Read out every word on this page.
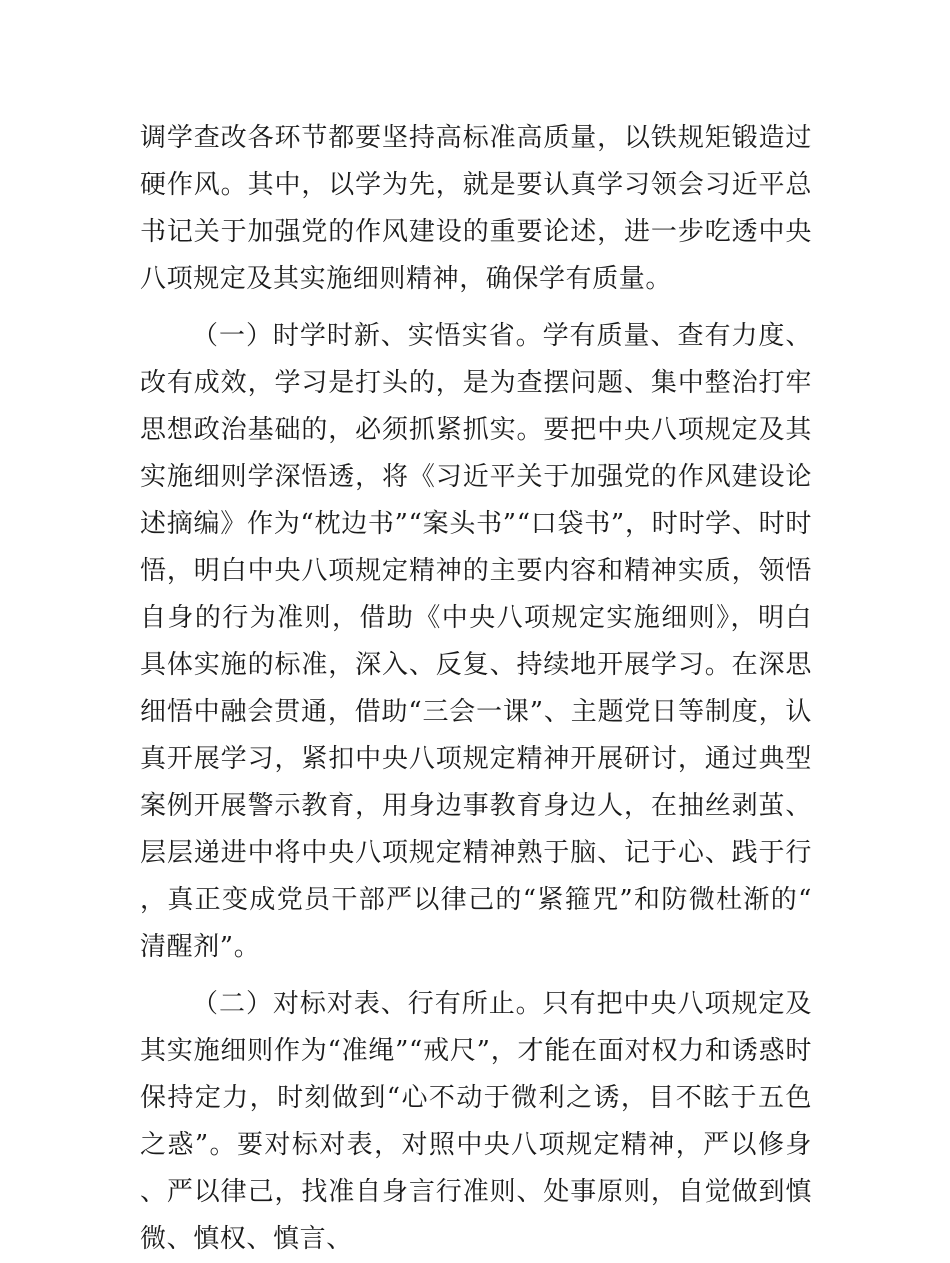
调学查改各环节都要坚持高标准高质量，以铁规矩锻造过硬作风。其中，以学为先，就是要认真学习领会习近平总书记关于加强党的作风建设的重要论述，进一步吃透中央八项规定及其实施细则精神，确保学有质量。

（一）时学时新、实悟实省。学有质量、查有力度、改有成效，学习是打头的，是为查摆问题、集中整治打牢思想政治基础的，必须抓紧抓实。要把中央八项规定及其实施细则学深悟透，将《习近平关于加强党的作风建设论述摘编》作为“枕边书”“案头书”“口袋书”，时时学、时时悟，明白中央八项规定精神的主要内容和精神实质，领悟自身的行为准则，借助《中央八项规定实施细则》，明白具体实施的标准，深入、反复、持续地开展学习。在深思细悟中融会贯通，借助“三会一课”、主题党日等制度，认真开展学习，紧扣中央八项规定精神开展研讨，通过典型案例开展警示教育，用身边事教育身边人，在抽丝剥茧、层层递进中将中央八项规定精神熟于脑、记于心、践于行，真正变成党员干部严以律己的“紧箍咒”和防微杜渐的“清醒剂”。

（二）对标对表、行有所止。只有把中央八项规定及其实施细则作为“准绳”“戒尺”，才能在面对权力和诱惑时保持定力，时刻做到“心不动于微利之诱，目不眩于五色之惑”。要对标对表，对照中央八项规定精神，严以修身、严以律己，找准自身言行准则、处事原则，自觉做到慎微、慎权、慎言、
